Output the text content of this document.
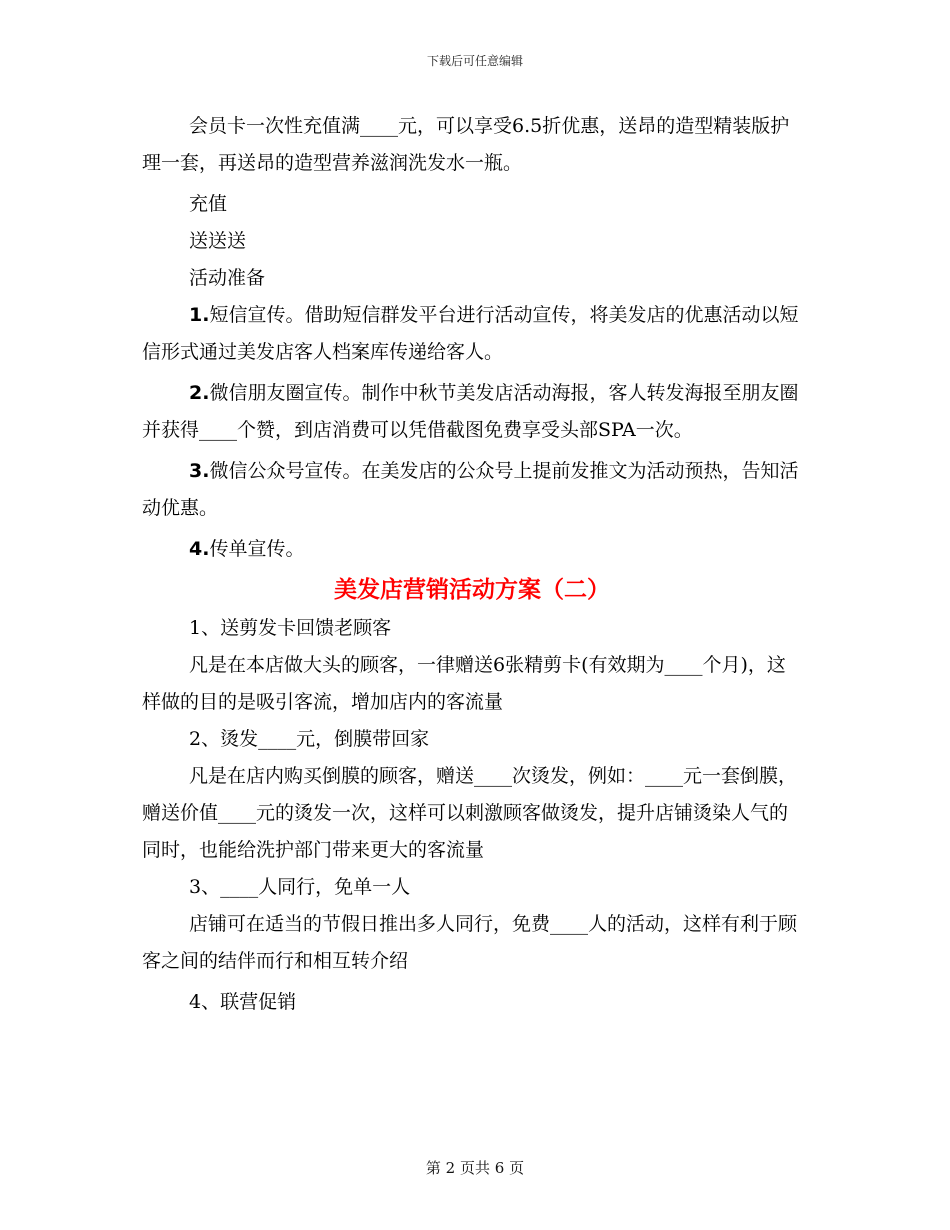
下载后可任意编辑

会员卡一次性充值满____元，可以享受6.5折优惠，送昂的造型精装版护理一套，再送昂的造型营养滋润洗发水一瓶。

充值

送送送

活动准备

1.短信宣传。借助短信群发平台进行活动宣传，将美发店的优惠活动以短信形式通过美发店客人档案库传递给客人。

2.微信朋友圈宣传。制作中秋节美发店活动海报，客人转发海报至朋友圈并获得____个赞，到店消费可以凭借截图免费享受头部SPA一次。

3.微信公众号宣传。在美发店的公众号上提前发推文为活动预热，告知活动优惠。

4.传单宣传。

美发店营销活动方案（二）

1、送剪发卡回馈老顾客

凡是在本店做大头的顾客，一律赠送6张精剪卡(有效期为____个月)，这样做的目的是吸引客流，增加店内的客流量

2、烫发____元，倒膜带回家

凡是在店内购买倒膜的顾客，赠送____次烫发，例如：____元一套倒膜，赠送价值____元的烫发一次，这样可以刺激顾客做烫发，提升店铺烫染人气的同时，也能给洗护部门带来更大的客流量

3、____人同行，免单一人

店铺可在适当的节假日推出多人同行，免费____人的活动，这样有利于顾客之间的结伴而行和相互转介绍

4、联营促销

第 2 页共 6 页
